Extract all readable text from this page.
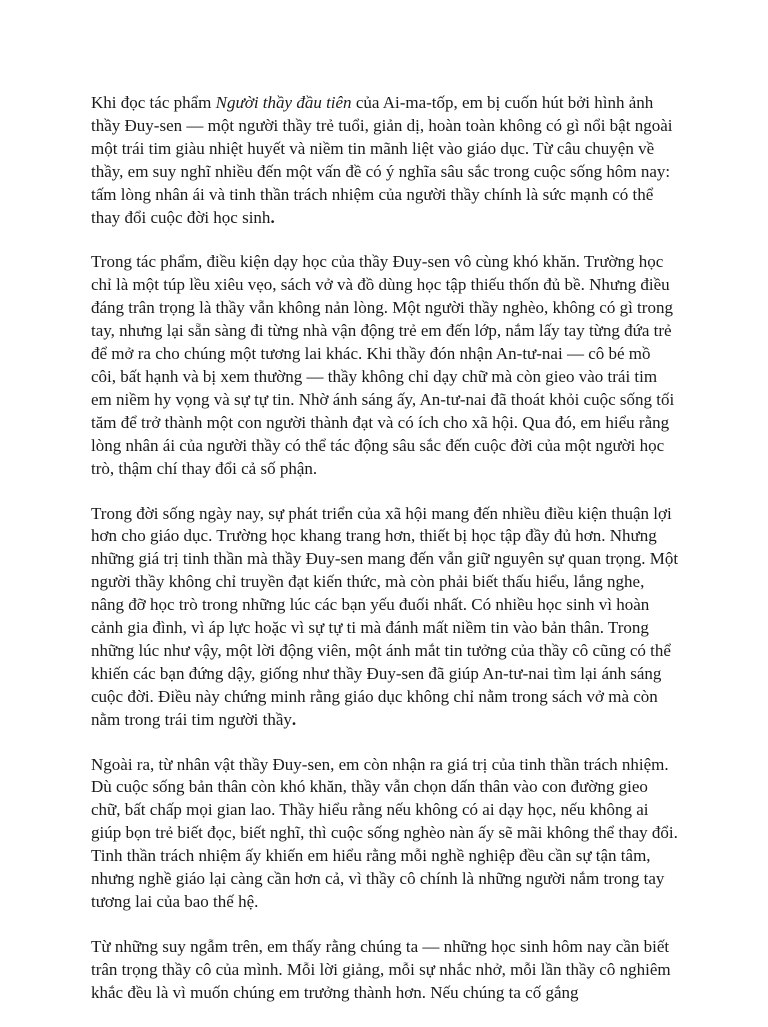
Khi đọc tác phẩm Người thầy đầu tiên của Ai-ma-tốp, em bị cuốn hút bởi hình ảnh thầy Đuy-sen — một người thầy trẻ tuổi, giản dị, hoàn toàn không có gì nổi bật ngoài một trái tim giàu nhiệt huyết và niềm tin mãnh liệt vào giáo dục. Từ câu chuyện về thầy, em suy nghĩ nhiều đến một vấn đề có ý nghĩa sâu sắc trong cuộc sống hôm nay: tấm lòng nhân ái và tinh thần trách nhiệm của người thầy chính là sức mạnh có thể thay đổi cuộc đời học sinh.

Trong tác phẩm, điều kiện dạy học của thầy Đuy-sen vô cùng khó khăn. Trường học chỉ là một túp lều xiêu vẹo, sách vở và đồ dùng học tập thiếu thốn đủ bề. Nhưng điều đáng trân trọng là thầy vẫn không nản lòng. Một người thầy nghèo, không có gì trong tay, nhưng lại sẵn sàng đi từng nhà vận động trẻ em đến lớp, nắm lấy tay từng đứa trẻ để mở ra cho chúng một tương lai khác. Khi thầy đón nhận An-tư-nai — cô bé mồ côi, bất hạnh và bị xem thường — thầy không chỉ dạy chữ mà còn gieo vào trái tim em niềm hy vọng và sự tự tin. Nhờ ánh sáng ấy, An-tư-nai đã thoát khỏi cuộc sống tối tăm để trở thành một con người thành đạt và có ích cho xã hội. Qua đó, em hiểu rằng lòng nhân ái của người thầy có thể tác động sâu sắc đến cuộc đời của một người học trò, thậm chí thay đổi cả số phận.

Trong đời sống ngày nay, sự phát triển của xã hội mang đến nhiều điều kiện thuận lợi hơn cho giáo dục. Trường học khang trang hơn, thiết bị học tập đầy đủ hơn. Nhưng những giá trị tinh thần mà thầy Đuy-sen mang đến vẫn giữ nguyên sự quan trọng. Một người thầy không chỉ truyền đạt kiến thức, mà còn phải biết thấu hiểu, lắng nghe, nâng đỡ học trò trong những lúc các bạn yếu đuối nhất. Có nhiều học sinh vì hoàn cảnh gia đình, vì áp lực hoặc vì sự tự ti mà đánh mất niềm tin vào bản thân. Trong những lúc như vậy, một lời động viên, một ánh mắt tin tưởng của thầy cô cũng có thể khiến các bạn đứng dậy, giống như thầy Đuy-sen đã giúp An-tư-nai tìm lại ánh sáng cuộc đời. Điều này chứng minh rằng giáo dục không chỉ nằm trong sách vở mà còn nằm trong trái tim người thầy.

Ngoài ra, từ nhân vật thầy Đuy-sen, em còn nhận ra giá trị của tinh thần trách nhiệm. Dù cuộc sống bản thân còn khó khăn, thầy vẫn chọn dấn thân vào con đường gieo chữ, bất chấp mọi gian lao. Thầy hiểu rằng nếu không có ai dạy học, nếu không ai giúp bọn trẻ biết đọc, biết nghĩ, thì cuộc sống nghèo nàn ấy sẽ mãi không thể thay đổi. Tinh thần trách nhiệm ấy khiến em hiểu rằng mỗi nghề nghiệp đều cần sự tận tâm, nhưng nghề giáo lại càng cần hơn cả, vì thầy cô chính là những người nắm trong tay tương lai của bao thế hệ.

Từ những suy ngẫm trên, em thấy rằng chúng ta — những học sinh hôm nay cần biết trân trọng thầy cô của mình. Mỗi lời giảng, mỗi sự nhắc nhở, mỗi lần thầy cô nghiêm khắc đều là vì muốn chúng em trưởng thành hơn. Nếu chúng ta cố gắng
